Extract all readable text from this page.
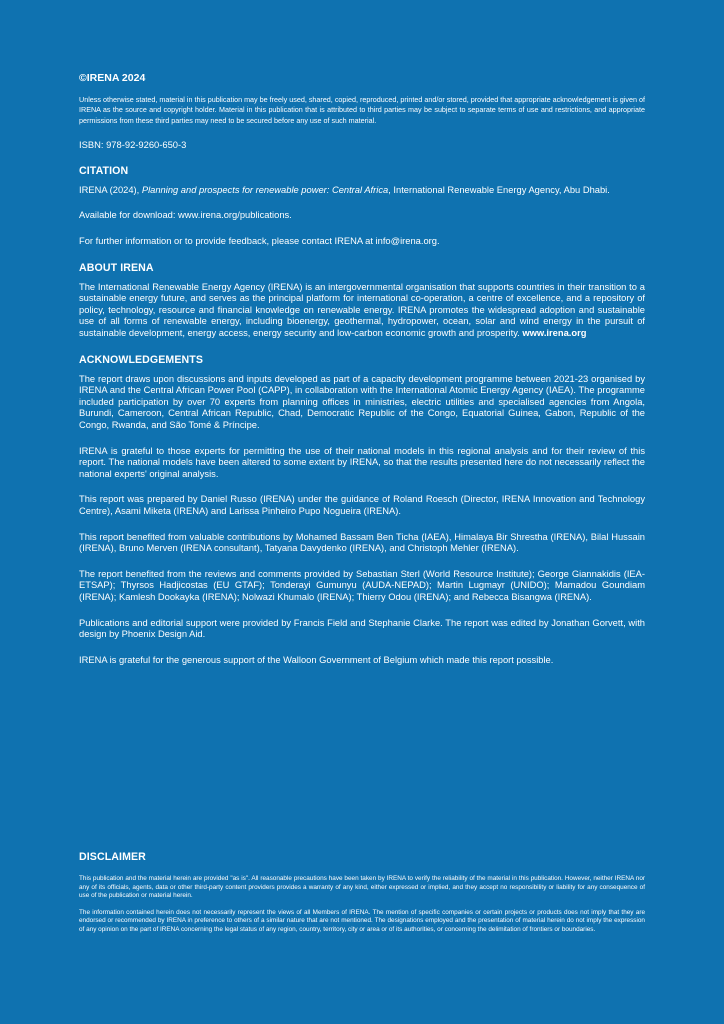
©IRENA 2024

Unless otherwise stated, material in this publication may be freely used, shared, copied, reproduced, printed and/or stored, provided that appropriate acknowledgement is given of IRENA as the source and copyright holder. Material in this publication that is attributed to third parties may be subject to separate terms of use and restrictions, and appropriate permissions from these third parties may need to be secured before any use of such material.

ISBN: 978-92-9260-650-3

CITATION

IRENA (2024), Planning and prospects for renewable power: Central Africa, International Renewable Energy Agency, Abu Dhabi.

Available for download: www.irena.org/publications.

For further information or to provide feedback, please contact IRENA at info@irena.org.

ABOUT IRENA

The International Renewable Energy Agency (IRENA) is an intergovernmental organisation that supports countries in their transition to a sustainable energy future, and serves as the principal platform for international co-operation, a centre of excellence, and a repository of policy, technology, resource and financial knowledge on renewable energy. IRENA promotes the widespread adoption and sustainable use of all forms of renewable energy, including bioenergy, geothermal, hydropower, ocean, solar and wind energy in the pursuit of sustainable development, energy access, energy security and low-carbon economic growth and prosperity. www.irena.org

ACKNOWLEDGEMENTS

The report draws upon discussions and inputs developed as part of a capacity development programme between 2021-23 organised by IRENA and the Central African Power Pool (CAPP), in collaboration with the International Atomic Energy Agency (IAEA). The programme included participation by over 70 experts from planning offices in ministries, electric utilities and specialised agencies from Angola, Burundi, Cameroon, Central African Republic, Chad, Democratic Republic of the Congo, Equatorial Guinea, Gabon, Republic of the Congo, Rwanda, and São Tomé & Príncipe.

IRENA is grateful to those experts for permitting the use of their national models in this regional analysis and for their review of this report. The national models have been altered to some extent by IRENA, so that the results presented here do not necessarily reflect the national experts' original analysis.

This report was prepared by Daniel Russo (IRENA) under the guidance of Roland Roesch (Director, IRENA Innovation and Technology Centre), Asami Miketa (IRENA) and Larissa Pinheiro Pupo Nogueira (IRENA).

This report benefited from valuable contributions by Mohamed Bassam Ben Ticha (IAEA), Himalaya Bir Shrestha (IRENA), Bilal Hussain (IRENA), Bruno Merven (IRENA consultant), Tatyana Davydenko (IRENA), and Christoph Mehler (IRENA).

The report benefited from the reviews and comments provided by Sebastian Sterl (World Resource Institute); George Giannakidis (IEA-ETSAP); Thyrsos Hadjicostas (EU GTAF); Tonderayi Gumunyu (AUDA-NEPAD); Martin Lugmayr (UNIDO); Mamadou Goundiam (IRENA); Kamlesh Dookayka (IRENA); Nolwazi Khumalo (IRENA); Thierry Odou (IRENA); and Rebecca Bisangwa (IRENA).

Publications and editorial support were provided by Francis Field and Stephanie Clarke. The report was edited by Jonathan Gorvett, with design by Phoenix Design Aid.

IRENA is grateful for the generous support of the Walloon Government of Belgium which made this report possible.

DISCLAIMER

This publication and the material herein are provided "as is". All reasonable precautions have been taken by IRENA to verify the reliability of the material in this publication. However, neither IRENA nor any of its officials, agents, data or other third-party content providers provides a warranty of any kind, either expressed or implied, and they accept no responsibility or liability for any consequence of use of the publication or material herein.

The information contained herein does not necessarily represent the views of all Members of IRENA. The mention of specific companies or certain projects or products does not imply that they are endorsed or recommended by IRENA in preference to others of a similar nature that are not mentioned. The designations employed and the presentation of material herein do not imply the expression of any opinion on the part of IRENA concerning the legal status of any region, country, territory, city or area or of its authorities, or concerning the delimitation of frontiers or boundaries.
